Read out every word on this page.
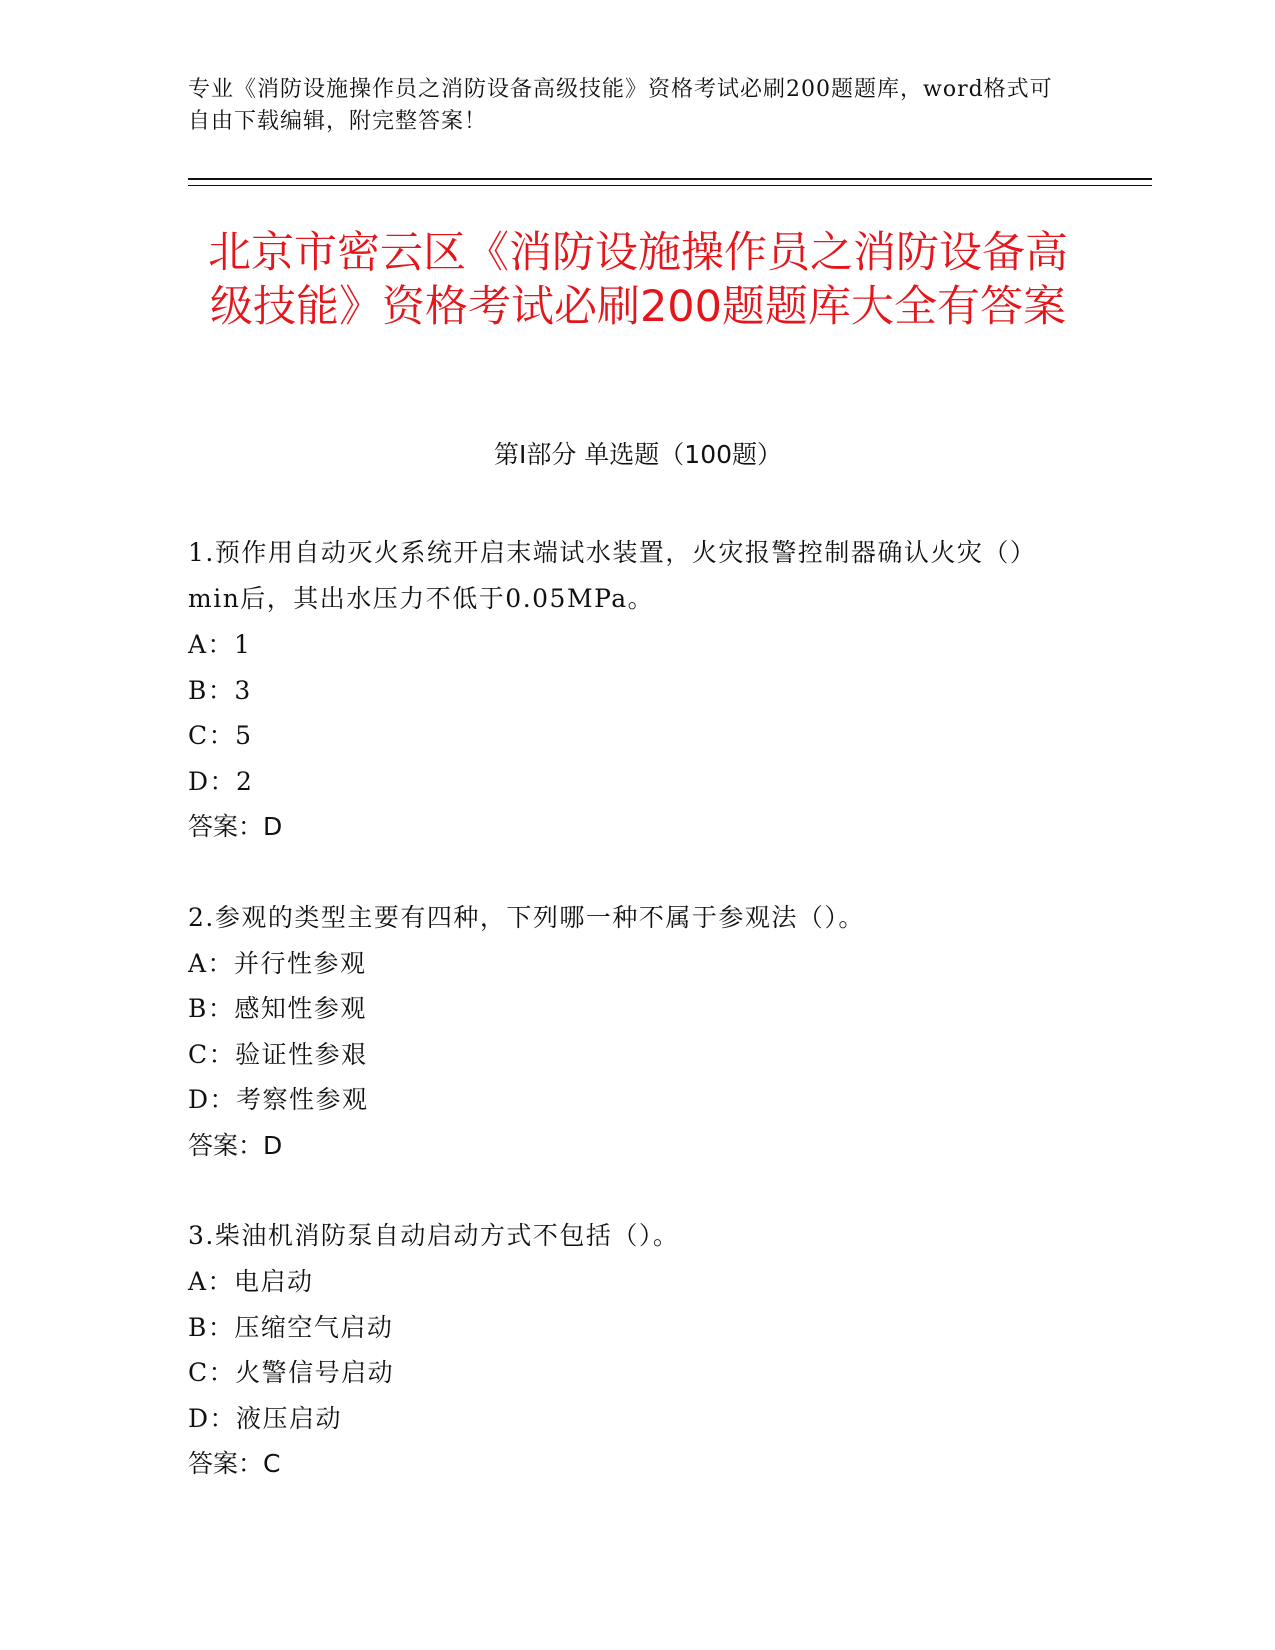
专业《消防设施操作员之消防设备高级技能》资格考试必刷200题题库，word格式可自由下载编辑，附完整答案！
北京市密云区《消防设施操作员之消防设备高级技能》资格考试必刷200题题库大全有答案
第Ⅰ部分 单选题（100题）
1.预作用自动灭火系统开启末端试水装置，火灾报警控制器确认火灾（）min后，其出水压力不低于0.05MPa。
A：1
B：3
C：5
D：2
答案：D
2.参观的类型主要有四种，下列哪一种不属于参观法（）。
A：并行性参观
B：感知性参观
C：验证性参艰
D：考察性参观
答案：D
3.柴油机消防泵自动启动方式不包括（）。
A：电启动
B：压缩空气启动
C：火警信号启动
D：液压启动
答案：C
